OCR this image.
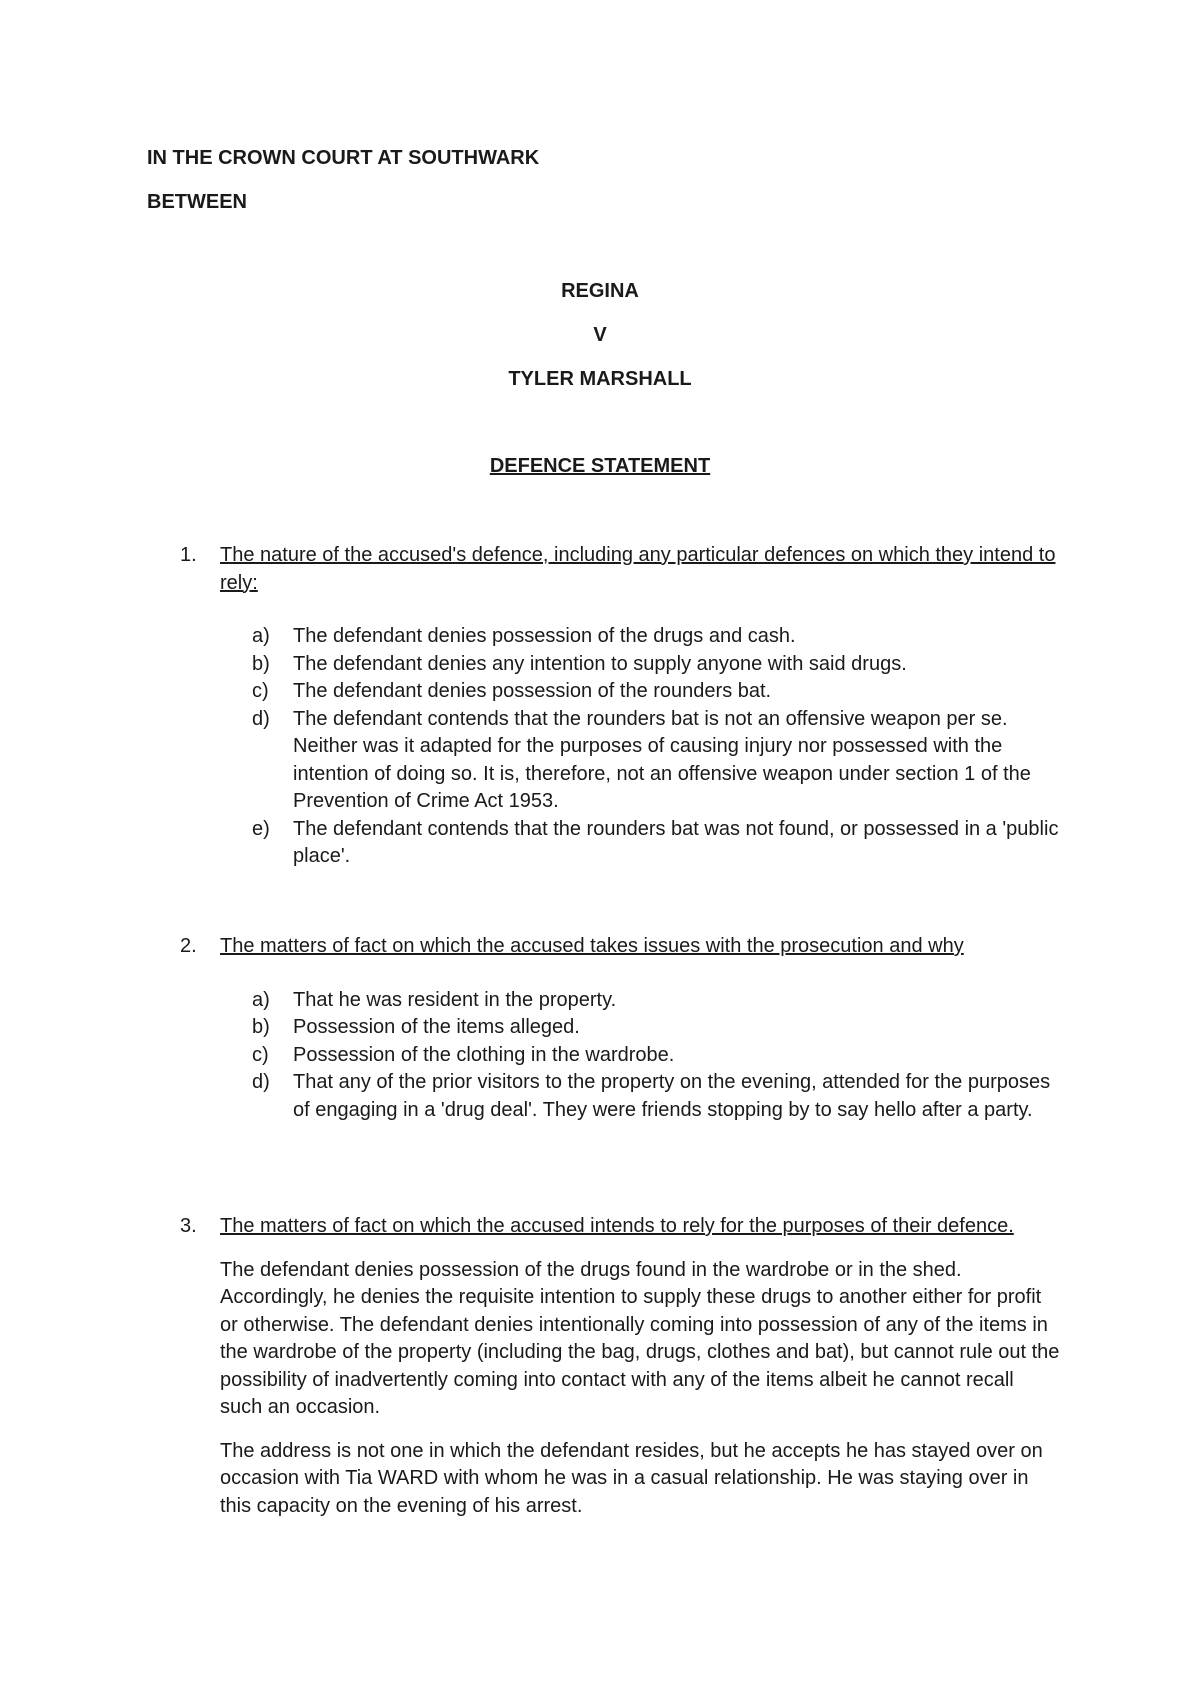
IN THE CROWN COURT AT SOUTHWARK
BETWEEN
REGINA
V
TYLER MARSHALL
DEFENCE STATEMENT
1. The nature of the accused's defence, including any particular defences on which they intend to rely:
a) The defendant denies possession of the drugs and cash.
b) The defendant denies any intention to supply anyone with said drugs.
c) The defendant denies possession of the rounders bat.
d) The defendant contends that the rounders bat is not an offensive weapon per se. Neither was it adapted for the purposes of causing injury nor possessed with the intention of doing so. It is, therefore, not an offensive weapon under section 1 of the Prevention of Crime Act 1953.
e) The defendant contends that the rounders bat was not found, or possessed in a 'public place'.
2. The matters of fact on which the accused takes issues with the prosecution and why
a) That he was resident in the property.
b) Possession of the items alleged.
c) Possession of the clothing in the wardrobe.
d) That any of the prior visitors to the property on the evening, attended for the purposes of engaging in a 'drug deal'. They were friends stopping by to say hello after a party.
3. The matters of fact on which the accused intends to rely for the purposes of their defence.

The defendant denies possession of the drugs found in the wardrobe or in the shed. Accordingly, he denies the requisite intention to supply these drugs to another either for profit or otherwise. The defendant denies intentionally coming into possession of any of the items in the wardrobe of the property (including the bag, drugs, clothes and bat), but cannot rule out the possibility of inadvertently coming into contact with any of the items albeit he cannot recall such an occasion.

The address is not one in which the defendant resides, but he accepts he has stayed over on occasion with Tia WARD with whom he was in a casual relationship. He was staying over in this capacity on the evening of his arrest.
